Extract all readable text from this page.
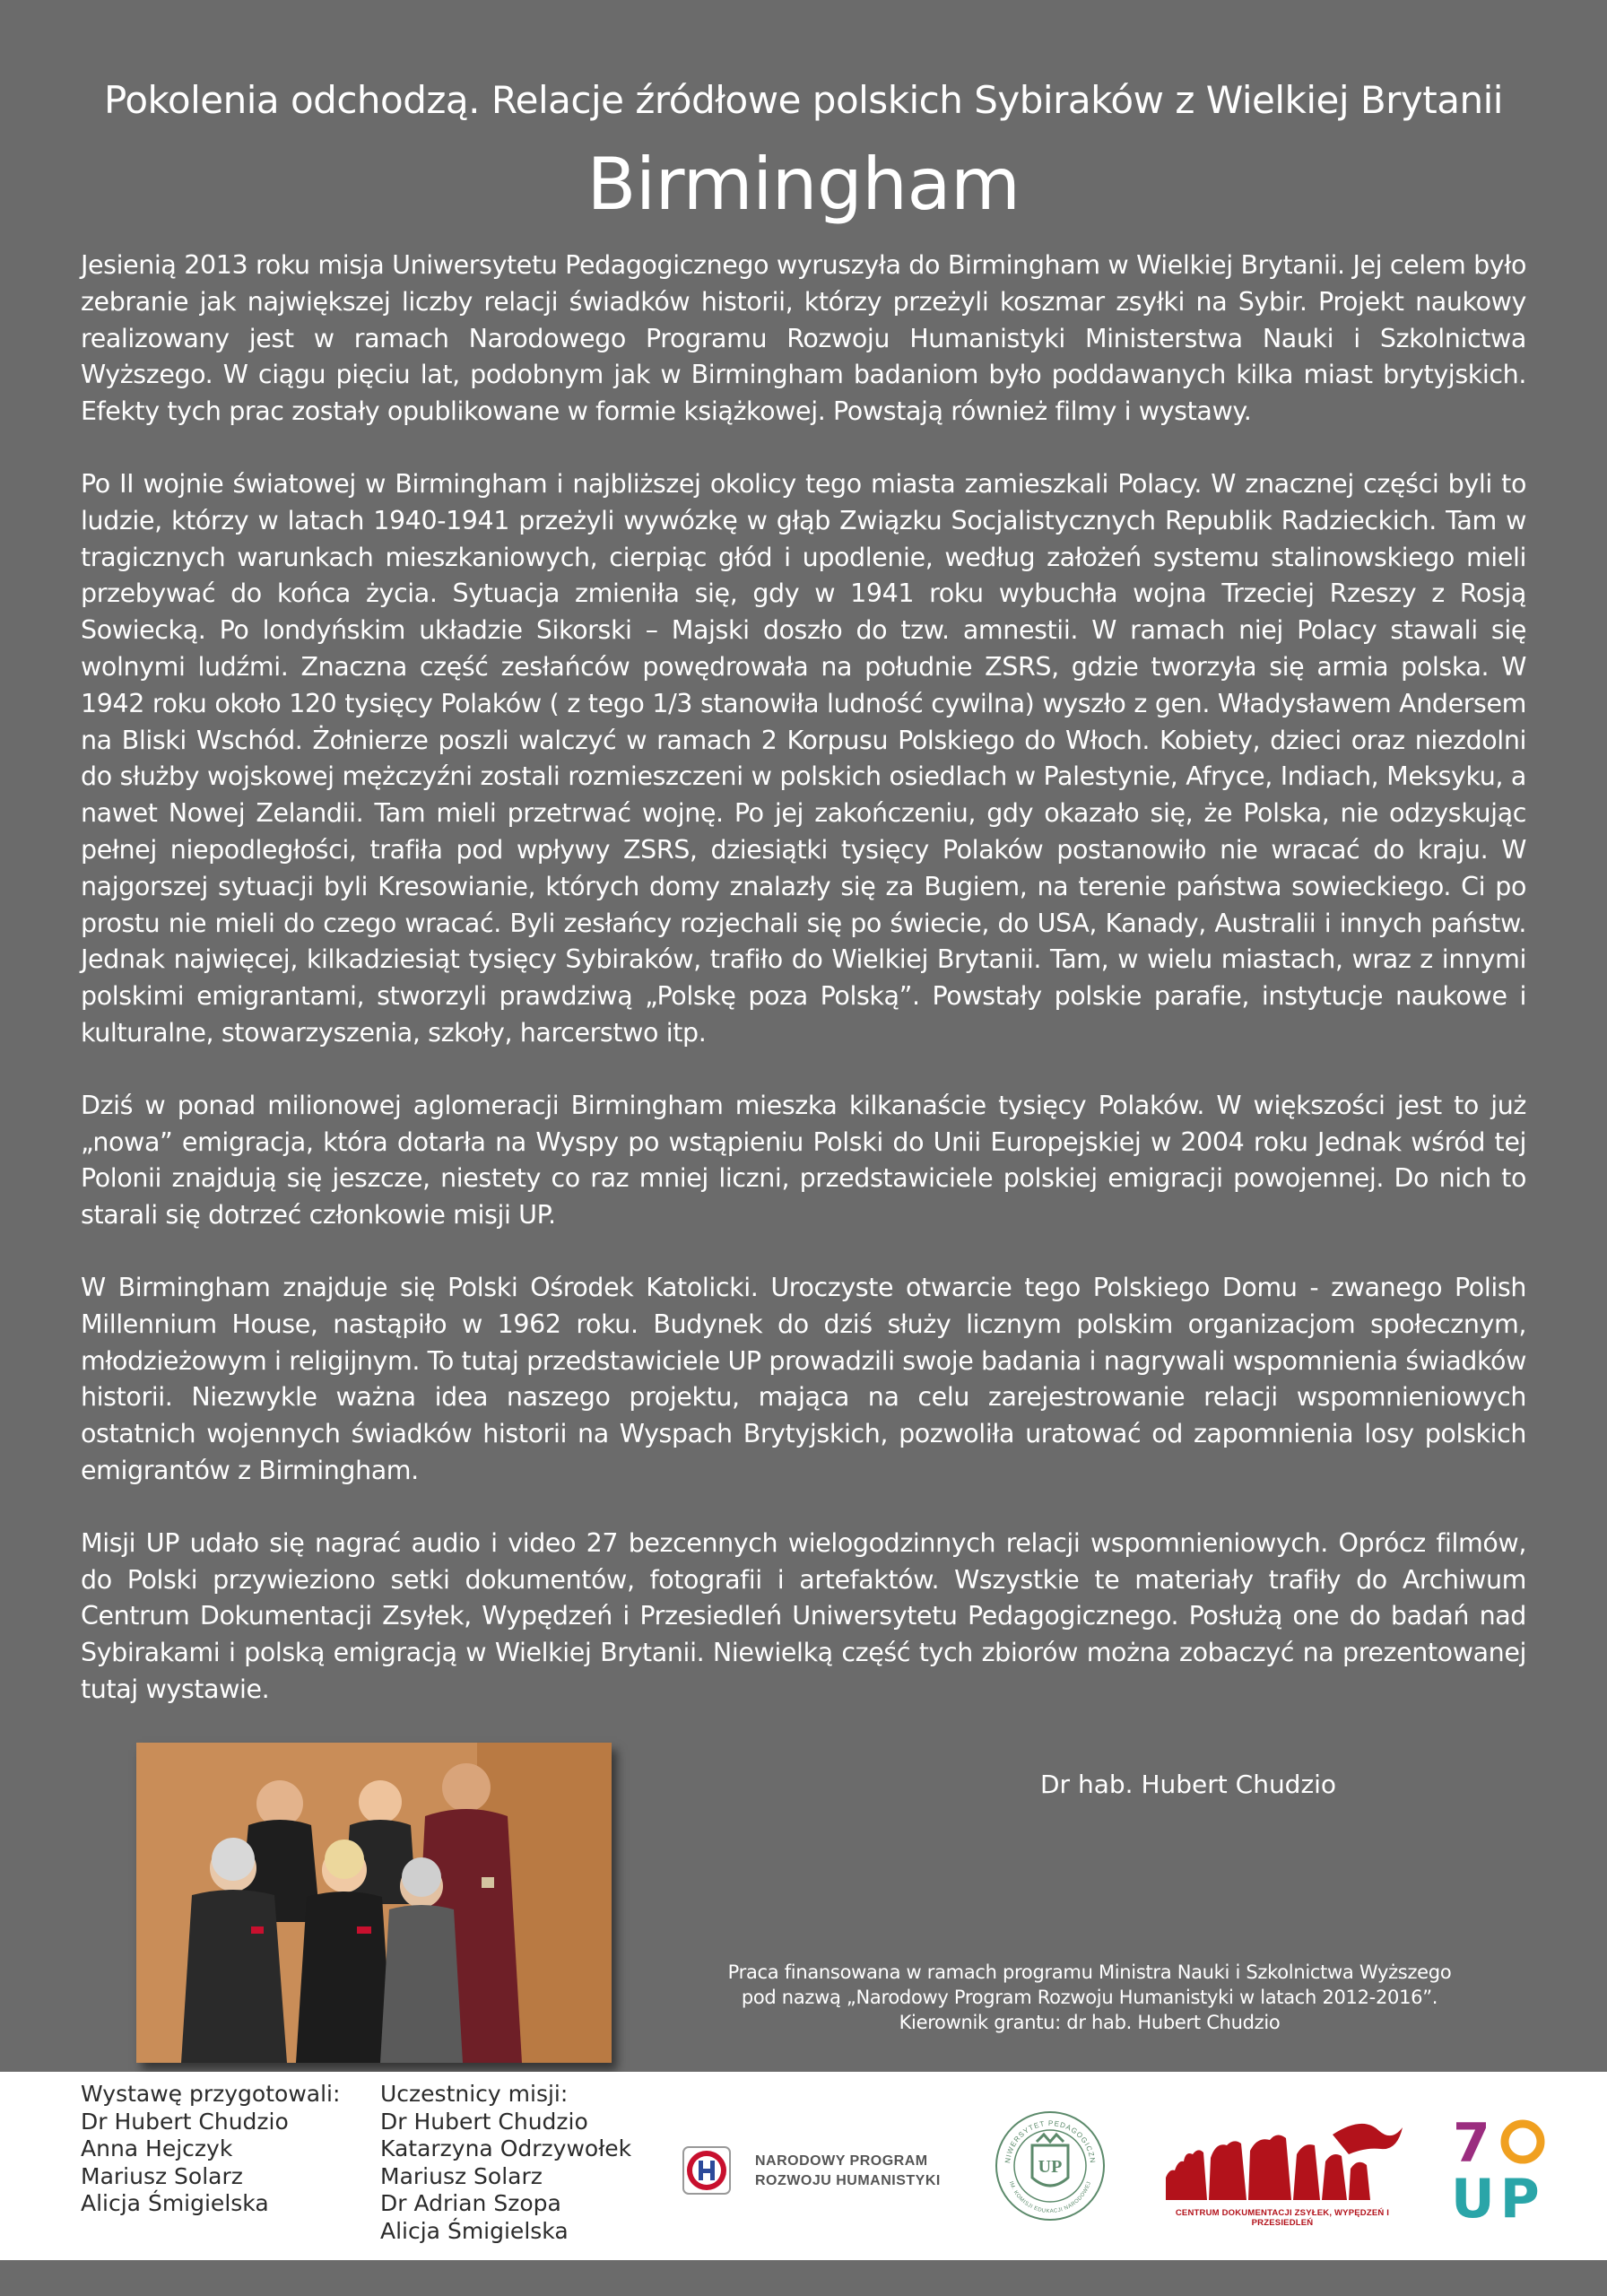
Pokolenia odchodzą. Relacje źródłowe polskich Sybiraków z Wielkiej Brytanii
Birmingham

Jesienią 2013 roku misja Uniwersytetu Pedagogicznego wyruszyła do Birmingham w Wielkiej Brytanii. Jej celem było zebranie jak największej liczby relacji świadków historii, którzy przeżyli koszmar zsyłki na Sybir. Projekt naukowy realizowany jest w ramach Narodowego Programu Rozwoju Humanistyki Ministerstwa Nauki i Szkolnictwa Wyższego. W ciągu pięciu lat, podobnym jak w Birmingham badaniom było poddawanych kilka miast brytyjskich. Efekty tych prac zostały opublikowane w formie książkowej. Powstają również filmy i wystawy.

Po II wojnie światowej w Birmingham i najbliższej okolicy tego miasta zamieszkali Polacy. W znacznej części byli to ludzie, którzy w latach 1940-1941 przeżyli wywózkę w głąb Związku Socjalistycznych Republik Radzieckich. Tam w tragicznych warunkach mieszkaniowych, cierpiąc głód i upodlenie, według założeń systemu stalinowskiego mieli przebywać do końca życia. Sytuacja zmieniła się, gdy w 1941 roku wybuchła wojna Trzeciej Rzeszy z Rosją Sowiecką. Po londyńskim układzie Sikorski – Majski doszło do tzw. amnestii. W ramach niej Polacy stawali się wolnymi ludźmi. Znaczna część zesłańców powędrowała na południe ZSRS, gdzie tworzyła się armia polska. W 1942 roku około 120 tysięcy Polaków ( z tego 1/3 stanowiła ludność cywilna) wyszło z gen. Władysławem Andersem na Bliski Wschód. Żołnierze poszli walczyć w ramach 2 Korpusu Polskiego do Włoch. Kobiety, dzieci oraz niezdolni do służby wojskowej mężczyźni zostali rozmieszczeni w polskich osiedlach w Palestynie, Afryce, Indiach, Meksyku, a nawet Nowej Zelandii. Tam mieli przetrwać wojnę. Po jej zakończeniu, gdy okazało się, że Polska, nie odzyskując pełnej niepodległości, trafiła pod wpływy ZSRS, dziesiątki tysięcy Polaków postanowiło nie wracać do kraju. W najgorszej sytuacji byli Kresowianie, których domy znalazły się za Bugiem, na terenie państwa sowieckiego. Ci po prostu nie mieli do czego wracać. Byli zesłańcy rozjechali się po świecie, do USA, Kanady, Australii i innych państw. Jednak najwięcej, kilkadziesiąt tysięcy Sybiraków, trafiło do Wielkiej Brytanii. Tam, w wielu miastach, wraz z innymi polskimi emigrantami, stworzyli prawdziwą „Polskę poza Polską”. Powstały polskie parafie, instytucje naukowe i kulturalne, stowarzyszenia, szkoły, harcerstwo itp.

Dziś w ponad milionowej aglomeracji Birmingham mieszka kilkanaście tysięcy Polaków. W większości jest to już „nowa” emigracja, która dotarła na Wyspy po wstąpieniu Polski do Unii Europejskiej w 2004 roku Jednak wśród tej Polonii znajdują się jeszcze, niestety co raz mniej liczni, przedstawiciele polskiej emigracji powojennej. Do nich to starali się dotrzeć członkowie misji UP.

W Birmingham znajduje się Polski Ośrodek Katolicki. Uroczyste otwarcie tego Polskiego Domu - zwanego Polish Millennium House, nastąpiło w 1962 roku. Budynek do dziś służy licznym polskim organizacjom społecznym, młodzieżowym i religijnym. To tutaj przedstawiciele UP prowadzili swoje badania i nagrywali wspomnienia świadków historii. Niezwykle ważna idea naszego projektu, mająca na celu zarejestrowanie relacji wspomnieniowych ostatnich wojennych świadków historii na Wyspach Brytyjskich, pozwoliła uratować od zapomnienia losy polskich emigrantów z Birmingham.

Misji UP udało się nagrać audio i video 27 bezcennych wielogodzinnych relacji wspomnieniowych. Oprócz filmów, do Polski przywieziono setki dokumentów, fotografii i artefaktów. Wszystkie te materiały trafiły do Archiwum Centrum Dokumentacji Zsyłek, Wypędzeń i Przesiedleń Uniwersytetu Pedagogicznego. Posłużą one do badań nad Sybirakami i polską emigracją w Wielkiej Brytanii. Niewielką część tych zbiorów można zobaczyć na prezentowanej tutaj wystawie.

Dr hab. Hubert Chudzio
Praca finansowana w ramach programu Ministra Nauki i Szkolnictwa Wyższego
pod nazwą „Narodowy Program Rozwoju Humanistyki w latach 2012-2016”.
Kierownik grantu: dr hab. Hubert Chudzio
Wystawę przygotowali:
Dr Hubert Chudzio
Anna Hejczyk
Mariusz Solarz
Alicja Śmigielska
Uczestnicy misji:
Dr Hubert Chudzio
Katarzyna Odrzywołek
Mariusz Solarz
Dr Adrian Szopa
Alicja Śmigielska
NARODOWY PROGRAM
ROZWOJU HUMANISTYKI
NIWERSYTET PEDAGOGICZN
IM. KOMISJI EDUKACJI NARODOWEJ
UP
CENTRUM DOKUMENTACJI ZSYŁEK, WYPĘDZEŃ I PRZESIEDLEŃ
7
UP
